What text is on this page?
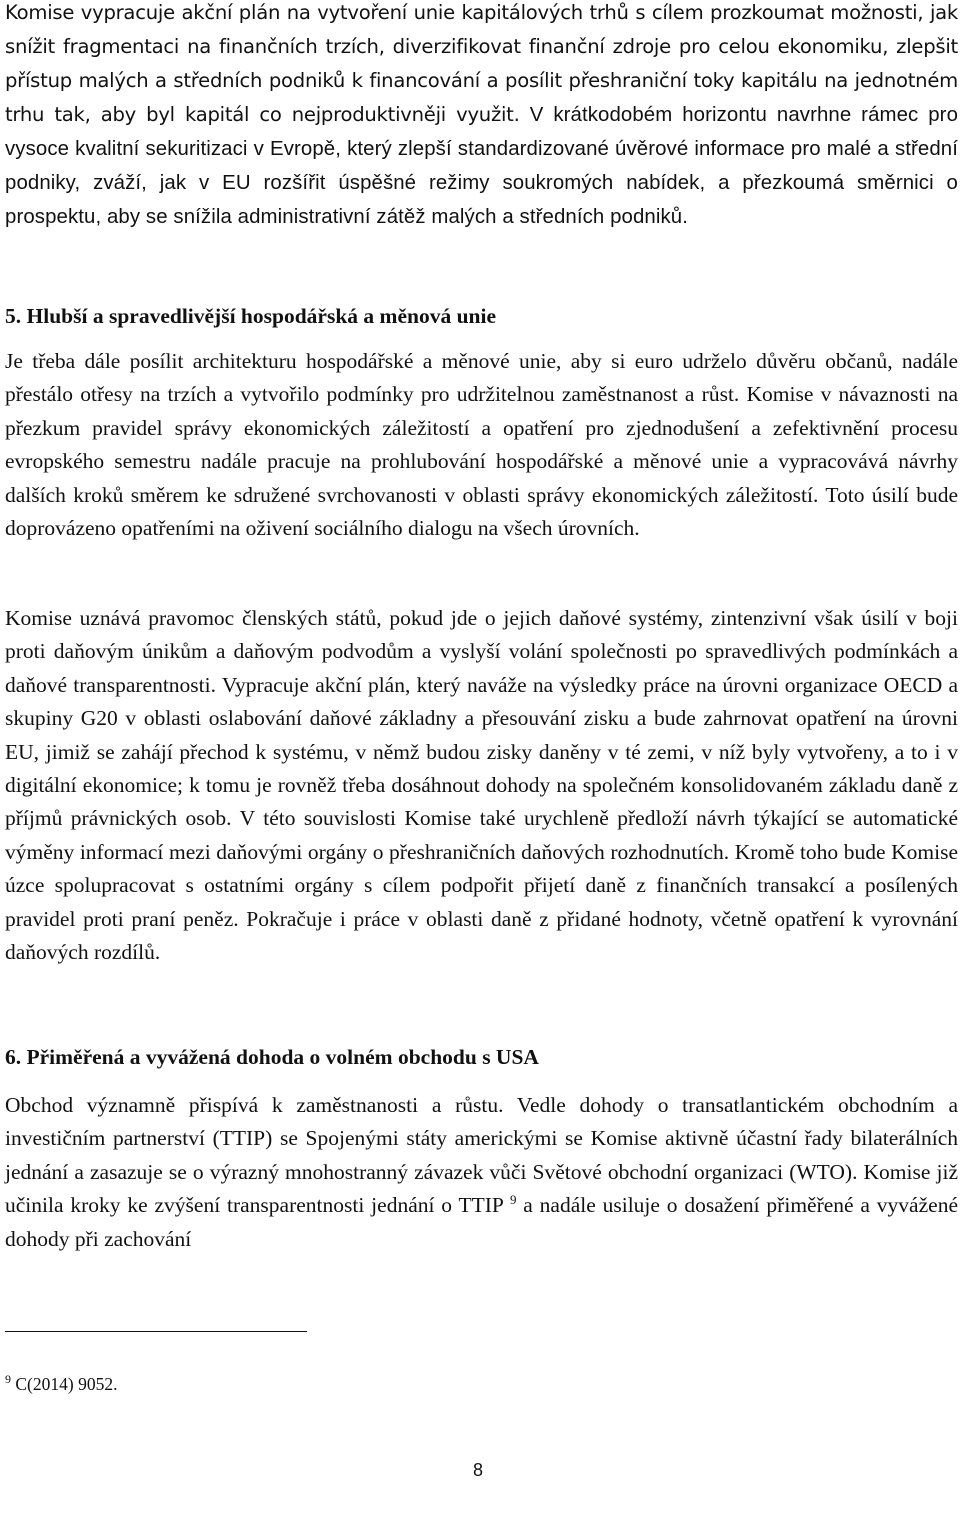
Komise vypracuje akční plán na vytvoření unie kapitálových trhů s cílem prozkoumat možnosti, jak snížit fragmentaci na finančních trzích, diverzifikovat finanční zdroje pro celou ekonomiku, zlepšit přístup malých a středních podniků k financování a posílit přeshraniční toky kapitálu na jednotném trhu tak, aby byl kapitál co nejproduktivněji využit. V krátkodobém horizontu navrhne rámec pro vysoce kvalitní sekuritizaci v Evropě, který zlepší standardizované úvěrové informace pro malé a střední podniky, zváží, jak v EU rozšířit úspěšné režimy soukromých nabídek, a přezkoumá směrnici o prospektu, aby se snížila administrativní zátěž malých a středních podniků.

5. Hlubší a spravedlivější hospodářská a měnová unie

Je třeba dále posílit architekturu hospodářské a měnové unie, aby si euro udrželo důvěru občanů, nadále přestálo otřesy na trzích a vytvořilo podmínky pro udržitelnou zaměstnanost a růst. Komise v návaznosti na přezkum pravidel správy ekonomických záležitostí a opatření pro zjednodušení a zefektivnění procesu evropského semestru nadále pracuje na prohlubování hospodářské a měnové unie a vypracovává návrhy dalších kroků směrem ke sdružené svrchovanosti v oblasti správy ekonomických záležitostí. Toto úsilí bude doprovázeno opatřeními na oživení sociálního dialogu na všech úrovních.

Komise uznává pravomoc členských států, pokud jde o jejich daňové systémy, zintenzivní však úsilí v boji proti daňovým únikům a daňovým podvodům a vyslyší volání společnosti po spravedlivých podmínkách a daňové transparentnosti. Vypracuje akční plán, který naváže na výsledky práce na úrovni organizace OECD a skupiny G20 v oblasti oslabování daňové základny a přesouvání zisku a bude zahrnovat opatření na úrovni EU, jimiž se zahájí přechod k systému, v němž budou zisky daněny v té zemi, v níž byly vytvořeny, a to i v digitální ekonomice; k tomu je rovněž třeba dosáhnout dohody na společném konsolidovaném základu daně z příjmů právnických osob. V této souvislosti Komise také urychleně předloží návrh týkající se automatické výměny informací mezi daňovými orgány o přeshraničních daňových rozhodnutích. Kromě toho bude Komise úzce spolupracovat s ostatními orgány s cílem podpořit přijetí daně z finančních transakcí a posílených pravidel proti praní peněz. Pokračuje i práce v oblasti daně z přidané hodnoty, včetně opatření k vyrovnání daňových rozdílů.

6. Přiměřená a vyvážená dohoda o volném obchodu s USA

Obchod významně přispívá k zaměstnanosti a růstu. Vedle dohody o transatlantickém obchodním a investičním partnerství (TTIP) se Spojenými státy americkými se Komise aktivně účastní řady bilaterálních jednání a zasazuje se o výrazný mnohostranný závazek vůči Světové obchodní organizaci (WTO). Komise již učinila kroky ke zvýšení transparentnosti jednání o TTIP $^9$ a nadále usiluje o dosažení přiměřené a vyvážené dohody při zachování

$^9$ C(2014) 9052.
8
